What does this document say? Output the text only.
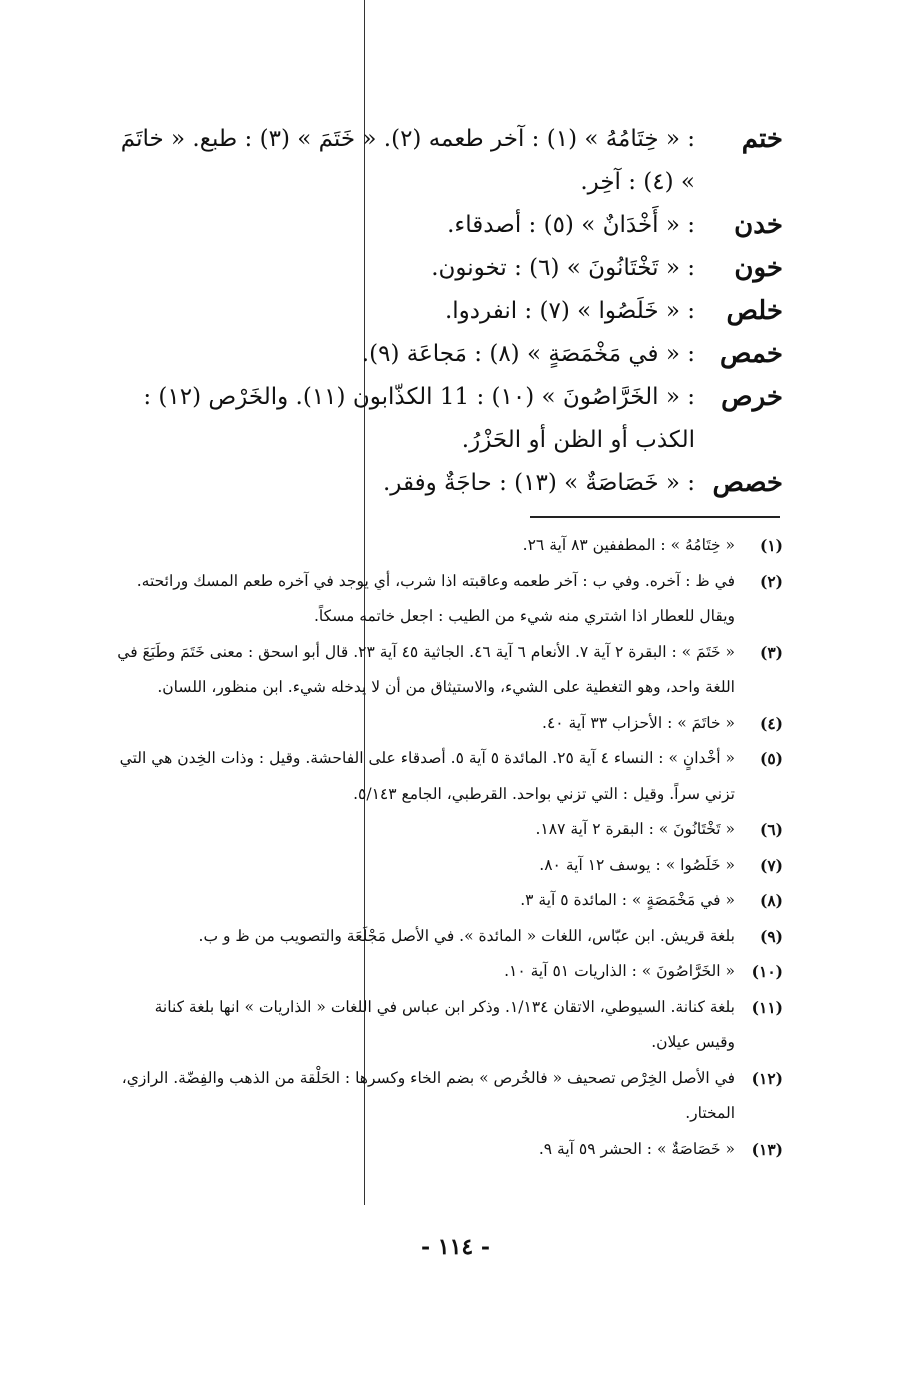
ختم
: « خِتَامُهُ » (١) : آخر طعمه (٢). « خَتَمَ » (٣) : طبع. « خاتَمَ » (٤) : آخِر.

خدن
: « أَخْدَانٌ » (٥) : أصدقاء.

خون
: « تَخْتَانُونَ » (٦) : تخونون.

خلص
: « خَلَصُوا » (٧) : انفردوا.

خمص
: « في مَخْمَصَةٍ » (٨) : مَجاعَة (٩).

خرص
: « الخَرَّاصُونَ » (١٠) : 11 الكذّابون (١١). والخَرْص (١٢) : الكذب أو الظن أو الحَزْرُ.

خصص
: « خَصَاصَةٌ » (١٣) : حاجَةٌ وفقر.

(١)
« خِتَامُهُ » : المطففين ٨٣ آية ٢٦.

(٢)
في ظ : آخره. وفي ب : آخر طعمه وعاقبته اذا شرب، أي يوجد في آخره طعم المسك ورائحته. ويقال للعطار اذا اشتري منه شيء من الطيب : اجعل خاتمه مسكاً.

(٣)
« خَتَمَ » : البقرة ٢ آية ٧. الأنعام ٦ آية ٤٦. الجاثية ٤٥ آية ٢٣. قال أبو اسحق : معنى خَتَمَ وطَبَعَ في اللغة واحد، وهو التغطية على الشيء، والاستيثاق من أن لا يدخله شيء. ابن منظور، اللسان.

(٤)
« خاتَمَ » : الأحزاب ٣٣ آية ٤٠.

(٥)
« أخْدانٍ » : النساء ٤ آية ٢٥. المائدة ٥ آية ٥. أصدقاء على الفاحشة. وقيل : وذات الخِدن هي التي تزني سراً. وقيل : التي تزني بواحد. القرطبي، الجامع ٥/١٤٣.

(٦)
« تَخْتَانُونَ » : البقرة ٢ آية ١٨٧.

(٧)
« خَلَصُوا » : يوسف ١٢ آية ٨٠.

(٨)
« في مَخْمَصَةٍ » : المائدة ٥ آية ٣.

(٩)
بلغة قريش. ابن عبّاس، اللغات « المائدة ». في الأصل مَجْلَعَة والتصويب من ظ و ب.

(١٠)
« الخَرَّاصُونَ » : الذاريات ٥١ آية ١٠.

(١١)
بلغة كنانة. السيوطي، الاتقان ١/١٣٤. وذكر ابن عباس في اللغات « الذاريات » انها بلغة كنانة وقيس عيلان.

(١٢)
في الأصل الخِرْص تصحيف « فالخُرص » بضم الخاء وكسرها : الحَلْقة من الذهب والفِضّة. الرازي، المختار.

(١٣)
« خَصَاصَةٌ » : الحشر ٥٩ آية ٩.

- ١١٤ -
